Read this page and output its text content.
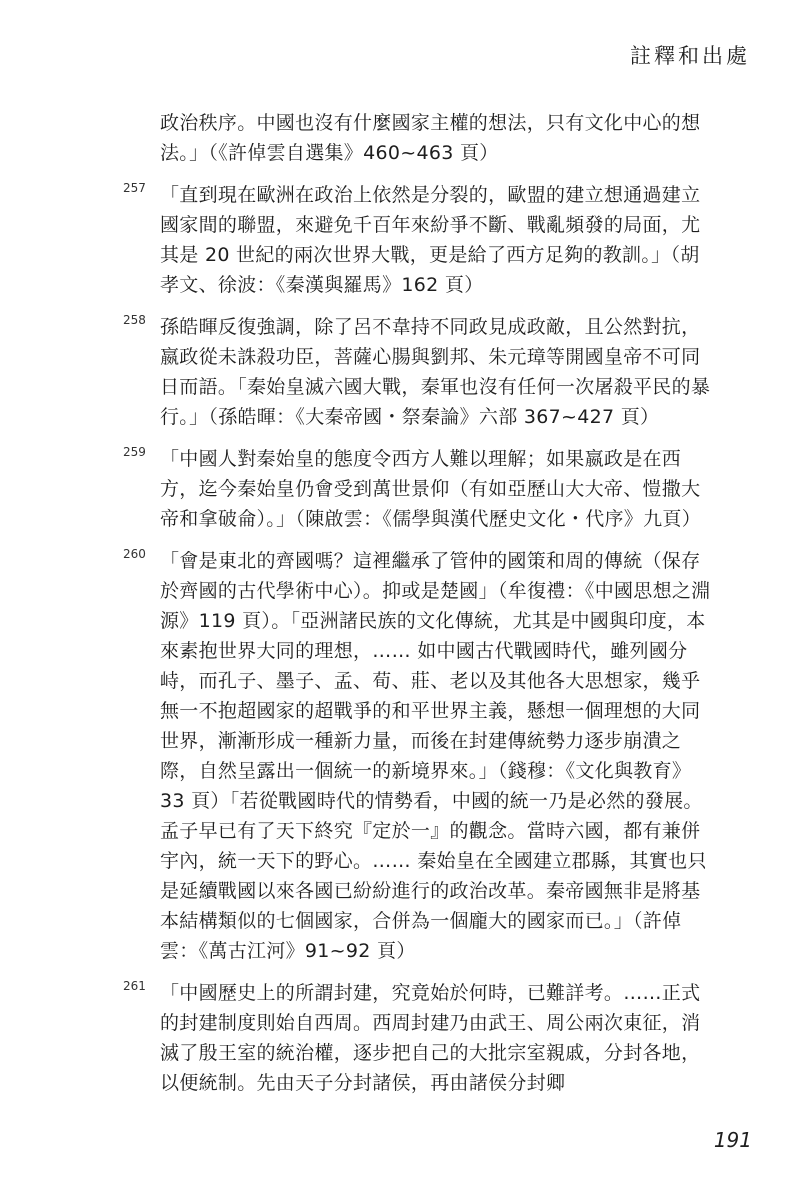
註釋和出處

政治秩序。中國也沒有什麼國家主權的想法，只有文化中心的想法。」（《許倬雲自選集》460~463 頁）

257 「直到現在歐洲在政治上依然是分裂的，歐盟的建立想通過建立國家間的聯盟，來避免千百年來紛爭不斷、戰亂頻發的局面，尤其是 20 世紀的兩次世界大戰，更是給了西方足夠的教訓。」（胡孝文、徐波：《秦漢與羅馬》162 頁）

258 孫皓暉反復強調，除了呂不韋持不同政見成政敵，且公然對抗，嬴政從未誅殺功臣，菩薩心腸與劉邦、朱元璋等開國皇帝不可同日而語。「秦始皇滅六國大戰，秦軍也沒有任何一次屠殺平民的暴行。」（孫皓暉：《大秦帝國・祭秦論》六部 367~427 頁）

259 「中國人對秦始皇的態度令西方人難以理解；如果嬴政是在西方，迄今秦始皇仍會受到萬世景仰（有如亞歷山大大帝、愷撒大帝和拿破侖）。」（陳啟雲：《儒學與漢代歷史文化・代序》九頁）

260 「會是東北的齊國嗎？這裡繼承了管仲的國策和周的傳統（保存於齊國的古代學術中心）。抑或是楚國」（牟復禮：《中國思想之淵源》119 頁）。「亞洲諸民族的文化傳統，尤其是中國與印度，本來素抱世界大同的理想，…… 如中國古代戰國時代，雖列國分峙，而孔子、墨子、孟、荀、莊、老以及其他各大思想家，幾乎無一不抱超國家的超戰爭的和平世界主義，懸想一個理想的大同世界，漸漸形成一種新力量，而後在封建傳統勢力逐步崩潰之際，自然呈露出一個統一的新境界來。」（錢穆：《文化與教育》33 頁）「若從戰國時代的情勢看，中國的統一乃是必然的發展。孟子早已有了天下終究『定於一』的觀念。當時六國，都有兼併宇內，統一天下的野心。…… 秦始皇在全國建立郡縣，其實也只是延續戰國以來各國已紛紛進行的政治改革。秦帝國無非是將基本結構類似的七個國家，合併為一個龐大的國家而已。」（許倬雲：《萬古江河》91~92 頁）

261 「中國歷史上的所謂封建，究竟始於何時，已難詳考。……正式的封建制度則始自西周。西周封建乃由武王、周公兩次東征，消滅了殷王室的統治權，逐步把自己的大批宗室親戚，分封各地，以便統制。先由天子分封諸侯，再由諸侯分封卿

191
